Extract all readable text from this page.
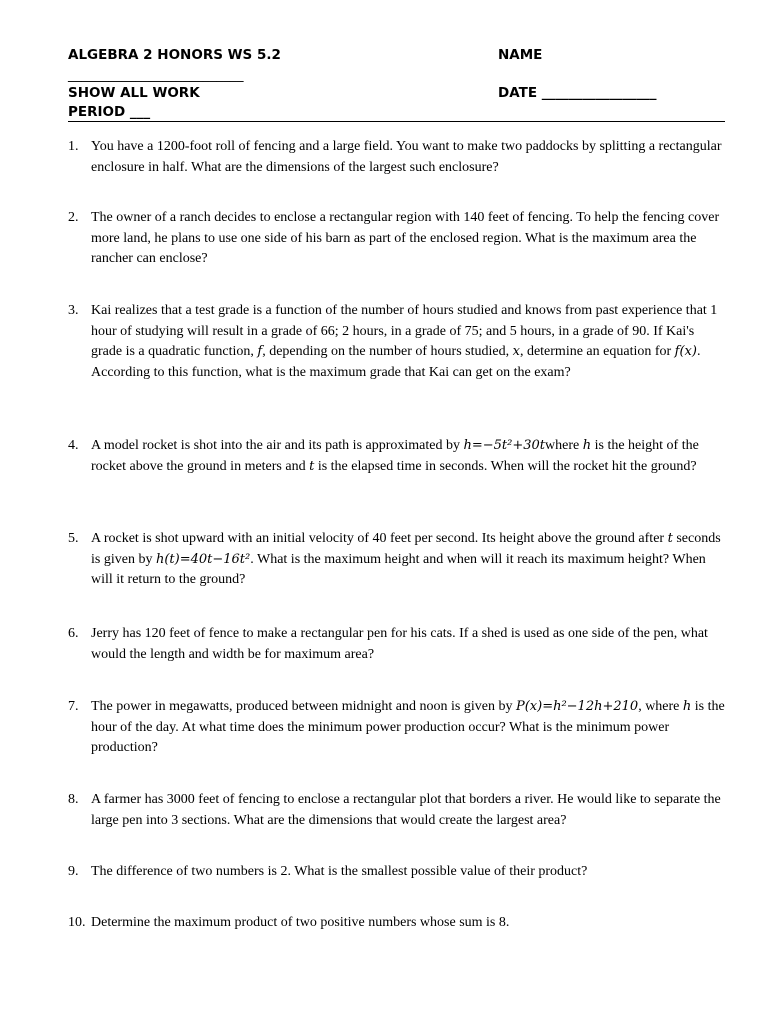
ALGEBRA 2 HONORS WS 5.2	NAME
__________________________
SHOW ALL WORK	DATE _________________
PERIOD ___
1. You have a 1200-foot roll of fencing and a large field. You want to make two paddocks by splitting a rectangular enclosure in half. What are the dimensions of the largest such enclosure?
2. The owner of a ranch decides to enclose a rectangular region with 140 feet of fencing. To help the fencing cover more land, he plans to use one side of his barn as part of the enclosed region. What is the maximum area the rancher can enclose?
3. Kai realizes that a test grade is a function of the number of hours studied and knows from past experience that 1 hour of studying will result in a grade of 66; 2 hours, in a grade of 75; and 5 hours, in a grade of 90. If Kai's grade is a quadratic function, f, depending on the number of hours studied, x, determine an equation for f(x). According to this function, what is the maximum grade that Kai can get on the exam?
4. A model rocket is shot into the air and its path is approximated by h=−5t²+30twhere h is the height of the rocket above the ground in meters and t is the elapsed time in seconds. When will the rocket hit the ground?
5. A rocket is shot upward with an initial velocity of 40 feet per second. Its height above the ground after t seconds is given by h(t)=40t−16t². What is the maximum height and when will it reach its maximum height? When will it return to the ground?
6. Jerry has 120 feet of fence to make a rectangular pen for his cats. If a shed is used as one side of the pen, what would the length and width be for maximum area?
7. The power in megawatts, produced between midnight and noon is given by P(x)=h²−12h+210, where h is the hour of the day. At what time does the minimum power production occur? What is the minimum power production?
8. A farmer has 3000 feet of fencing to enclose a rectangular plot that borders a river. He would like to separate the large pen into 3 sections. What are the dimensions that would create the largest area?
9. The difference of two numbers is 2. What is the smallest possible value of their product?
10. Determine the maximum product of two positive numbers whose sum is 8.
